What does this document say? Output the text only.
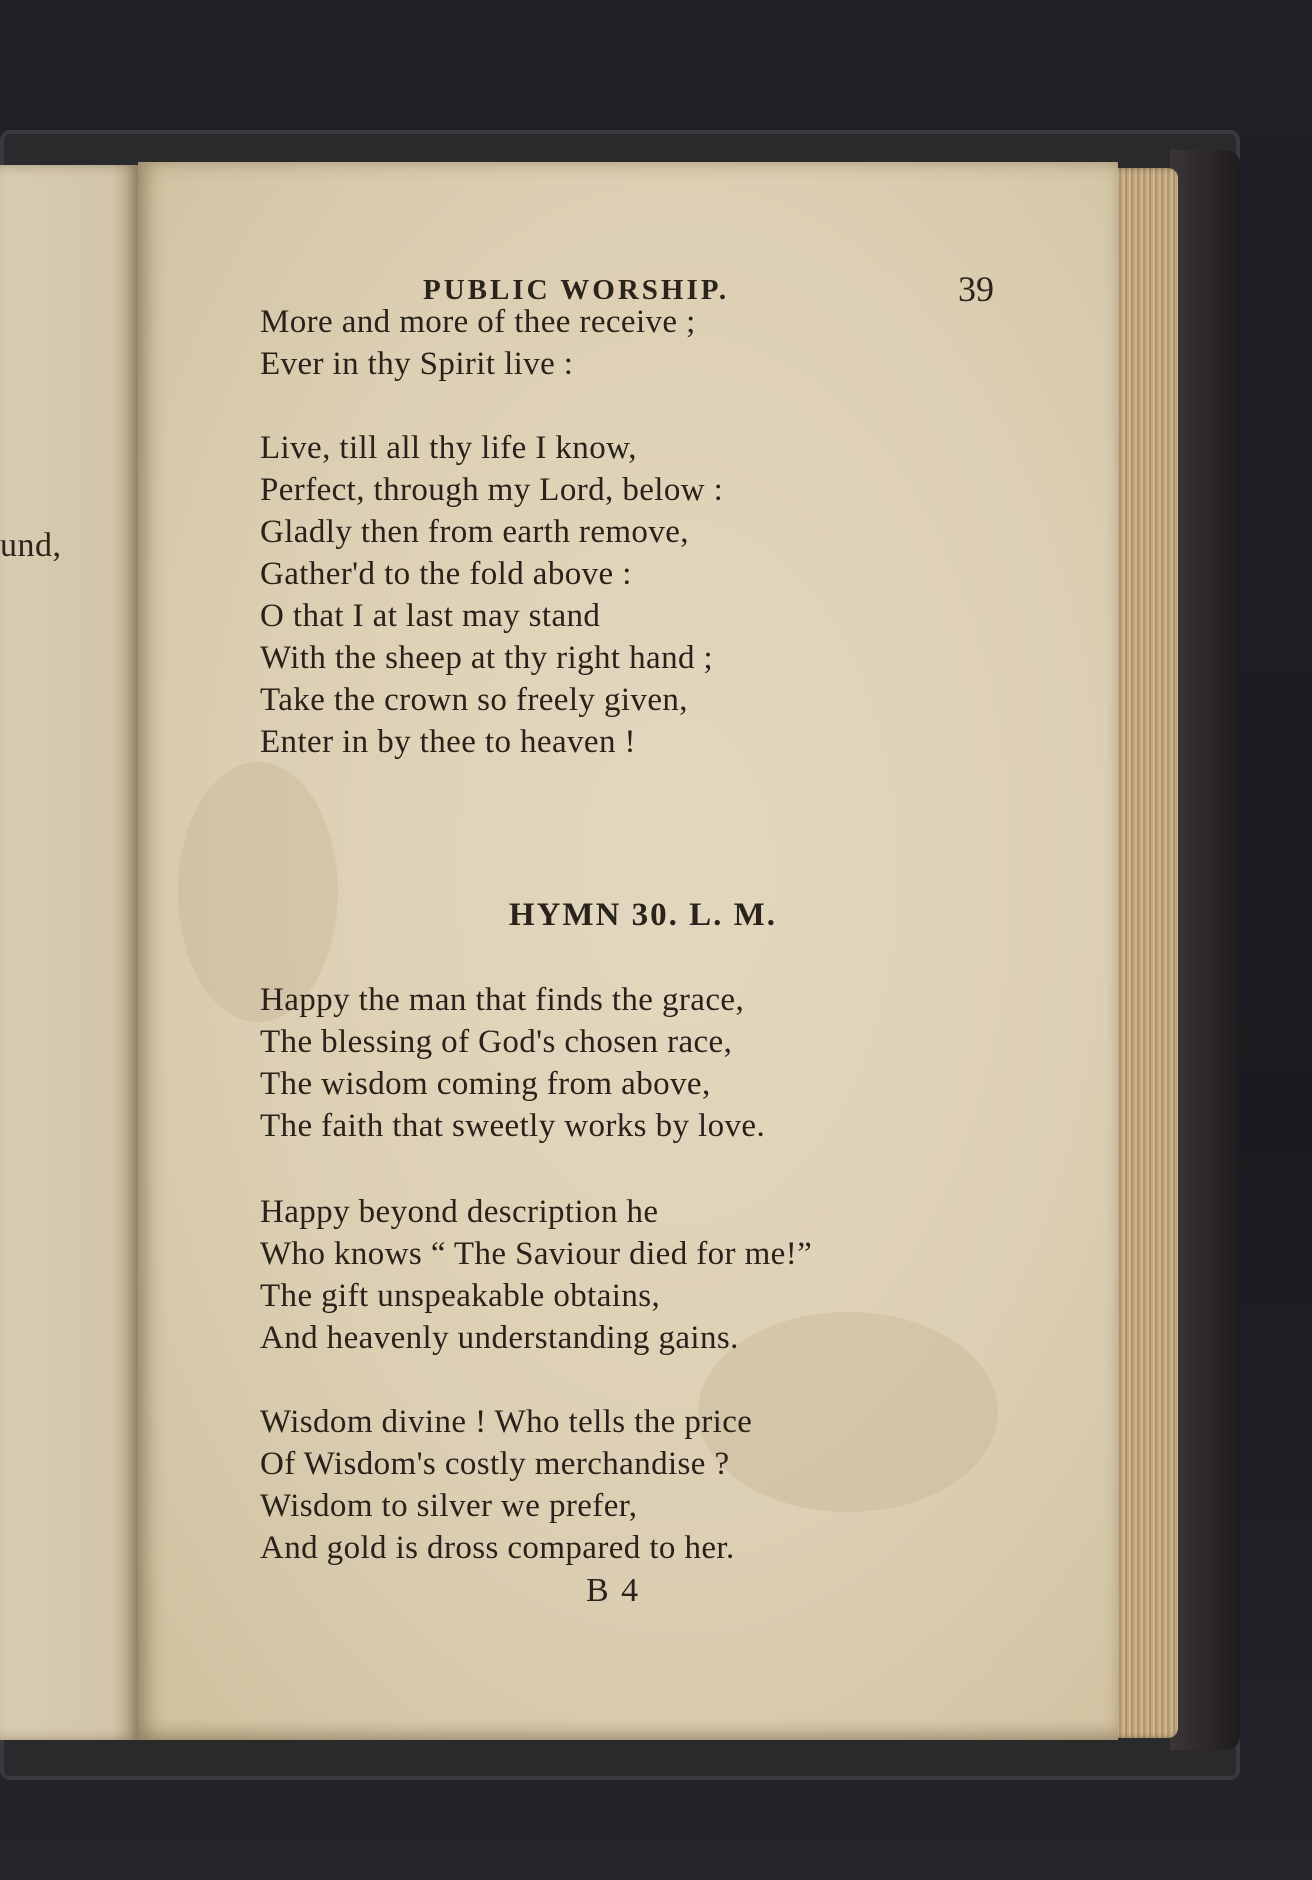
und,
PUBLIC WORSHIP.	39
More and more of thee receive ;
Ever in thy Spirit live :
Live, till all thy life I know,
Perfect, through my Lord, below :
Gladly then from earth remove,
Gather'd to the fold above :
O that I at last may stand
With the sheep at thy right hand ;
Take the crown so freely given,
Enter in by thee to heaven !
Happy the man that finds the grace,
The blessing of God's chosen race,
The wisdom coming from above,
The faith that sweetly works by love.
Happy beyond description he
Who knows “ The Saviour died for me!”
The gift unspeakable obtains,
And heavenly understanding gains.
Wisdom divine ! Who tells the price
Of Wisdom's costly merchandise ?
Wisdom to silver we prefer,
And gold is dross compared to her.
HYMN 30. L. M.
B 4
